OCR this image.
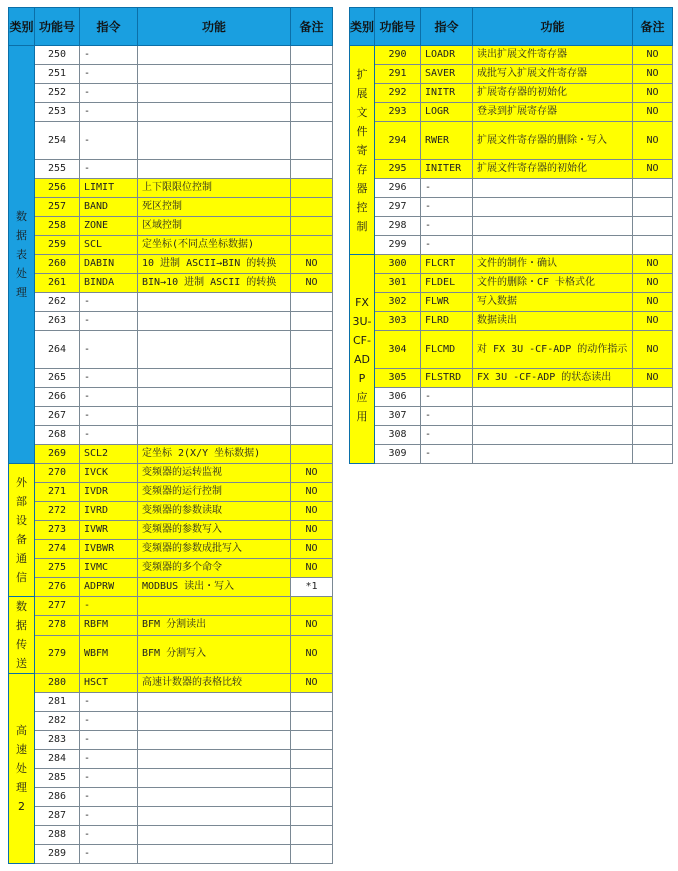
类别	功能号	指令	功能	备注
数据表处理	250	-		
	251	-		
	252	-		
	253	-		
	254	-		
	255	-		
	256	LIMIT	上下限限位控制	
	257	BAND	死区控制	
	258	ZONE	区域控制	
	259	SCL	定坐标(不同点坐标数据)	
	260	DABIN	10 进制 ASCII→BIN 的转换	NO
	261	BINDA	BIN→10 进制 ASCII 的转换	NO
	262	-		
	263	-		
	264	-		
	265	-		
	266	-		
	267	-		
	268	-		
	269	SCL2	定坐标 2(X/Y 坐标数据)	
外部设备通信	270	IVCK	变频器的运转监视	NO
	271	IVDR	变频器的运行控制	NO
	272	IVRD	变频器的参数读取	NO
	273	IVWR	变频器的参数写入	NO
	274	IVBWR	变频器的参数成批写入	NO
	275	IVMC	变频器的多个命令	NO
	276	ADPRW	MODBUS 读出・写入	*1
数据传送	277	-		
	278	RBFM	BFM 分割读出	NO
	279	WBFM	BFM 分割写入	NO
高速处理 2	280	HSCT	高速计数器的表格比较	NO
	281	-		
	282	-		
	283	-		
	284	-		
	285	-		
	286	-		
	287	-		
	288	-		
	289	-		
类别	功能号	指令	功能	备注
扩展文件寄存器控制	290	LOADR	读出扩展文件寄存器	NO
	291	SAVER	成批写入扩展文件寄存器	NO
	292	INITR	扩展寄存器的初始化	NO
	293	LOGR	登录到扩展寄存器	NO
	294	RWER	扩展文件寄存器的删除・写入	NO
	295	INITER	扩展文件寄存器的初始化	NO
	296	-		
	297	-		
	298	-		
	299	-		
FX3U-CF-ADP 应用	300	FLCRT	文件的制作・确认	NO
	301	FLDEL	文件的删除・CF 卡格式化	NO
	302	FLWR	写入数据	NO
	303	FLRD	数据读出	NO
	304	FLCMD	对 FX 3U -CF-ADP 的动作指示	NO
	305	FLSTRD	FX 3U -CF-ADP 的状态读出	NO
	306	-		
	307	-		
	308	-		
	309	-		
